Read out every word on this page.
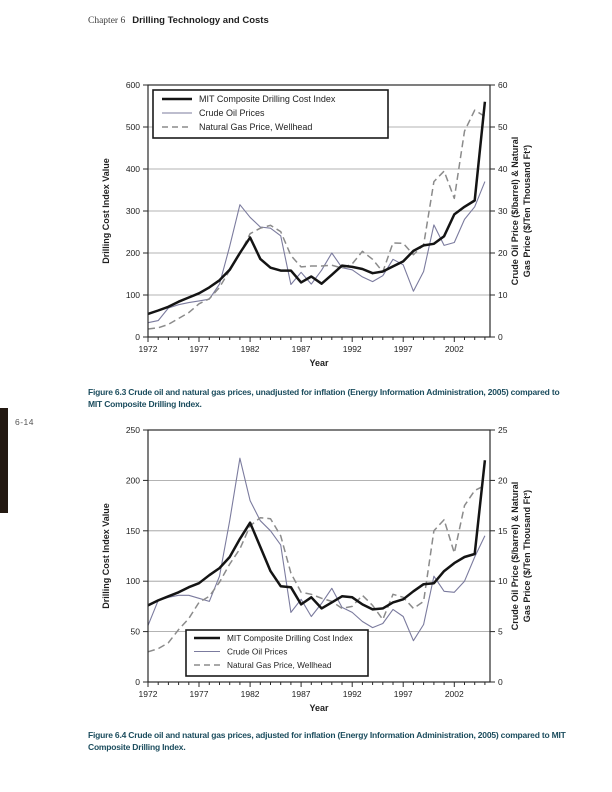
Chapter 6 Drilling Technology and Costs
6-14
1972	1977	1982	1987	1992	1997	2002
Year
0
100
200
300
400
500
600
Drilling Cost Index Value
0
10
20
30
40
50
60
Crude Oil Price ($/barrel) & Natural Gas Price ($/Ten Thousand Ft³)
MIT Composite Drilling Cost Index
Crude Oil Prices
Natural Gas Price, Wellhead

Figure 6.3 Crude oil and natural gas prices, unadjusted for inflation (Energy Information Administration, 2005) compared to MIT Composite Drilling Index.

1972	1977	1982	1987	1992	1997	2002
Year
0
50
100
150
200
250
Drilling Cost Index Value
0
5
10
15
20
25
Crude Oil Price ($/barrel) & Natural Gas Price ($/Ten Thousand Ft³)
MIT Composite Drilling Cost Index
Crude Oil Prices
Natural Gas Price, Wellhead

Figure 6.4 Crude oil and natural gas prices, adjusted for inflation (Energy Information Administration, 2005) compared to MIT Composite Drilling Index.
